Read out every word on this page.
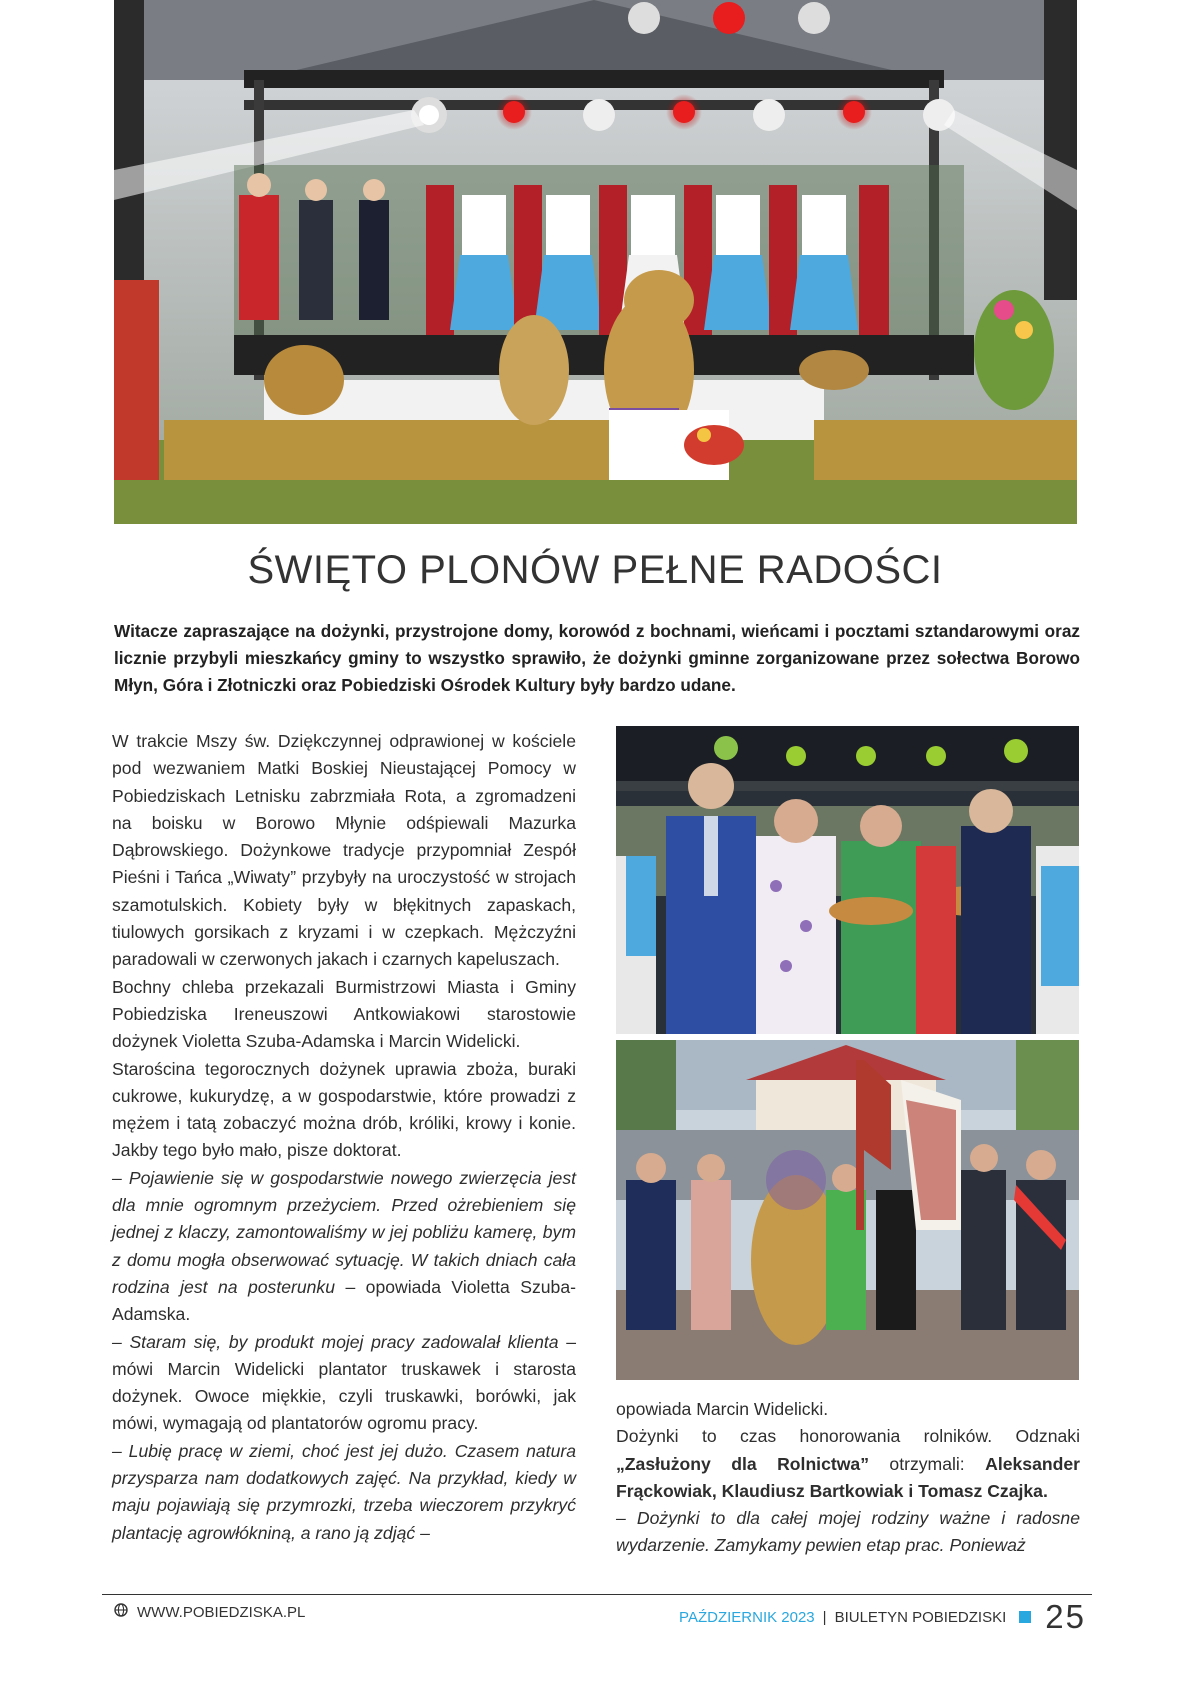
ŚWIĘTO PLONÓW PEŁNE RADOŚCI

Witacze zapraszające na dożynki, przystrojone domy, korowód z bochnami, wieńcami i pocztami sztandarowymi oraz licznie przybyli mieszkańcy gminy to wszystko sprawiło, że dożynki gminne zorganizowane przez sołectwa Borowo Młyn, Góra i Złotniczki oraz Pobiedziski Ośrodek Kultury były bardzo udane.

W trakcie Mszy św. Dziękczynnej odprawionej w kościele pod wezwaniem Matki Boskiej Nieustającej Pomocy w Pobiedziskach Letnisku zabrzmiała Rota, a zgromadzeni na boisku w Borowo Młynie odśpiewali Mazurka Dąbrowskiego. Dożynkowe tradycje przypomniał Zespół Pieśni i Tańca „Wiwaty” przybyły na uroczystość w strojach szamotulskich. Kobiety były w błękitnych zapaskach, tiulowych gorsikach z kryzami i w czepkach. Mężczyźni paradowali w czerwonych jakach i czarnych kapeluszach.

Bochny chleba przekazali Burmistrzowi Miasta i Gminy Pobiedziska Ireneuszowi Antkowiakowi starostowie dożynek Violetta Szuba-Adamska i Marcin Widelicki.

Starościna tegorocznych dożynek uprawia zboża, buraki cukrowe, kukurydzę, a w gospodarstwie, które prowadzi z mężem i tatą zobaczyć można drób, króliki, krowy i konie. Jakby tego było mało, pisze doktorat.

– Pojawienie się w gospodarstwie nowego zwierzęcia jest dla mnie ogromnym przeżyciem. Przed ożrebieniem się jednej z klaczy, zamontowaliśmy w jej pobliżu kamerę, bym z domu mogła obserwować sytuację. W takich dniach cała rodzina jest na posterunku – opowiada Violetta Szuba-Adamska.

– Staram się, by produkt mojej pracy zadowalał klienta – mówi Marcin Widelicki plantator truskawek i starosta dożynek. Owoce miękkie, czyli truskawki, borówki, jak mówi, wymagają od plantatorów ogromu pracy.

– Lubię pracę w ziemi, choć jest jej dużo. Czasem natura przysparza nam dodatkowych zajęć. Na przykład, kiedy w maju pojawiają się przymrozki, trzeba wieczorem przykryć plantację agrowłókniną, a rano ją zdjąć –

opowiada Marcin Widelicki.

Dożynki to czas honorowania rolników. Odznaki „Zasłużony dla Rolnictwa” otrzymali: Aleksander Frąckowiak, Klaudiusz Bartkowiak i Tomasz Czajka.

– Dożynki to dla całej mojej rodziny ważne i radosne wydarzenie. Zamykamy pewien etap prac. Ponieważ

WWW.POBIEDZISKA.PL	PAŹDZIERNIK 2023 | BIULETYN POBIEDZISKI 25
